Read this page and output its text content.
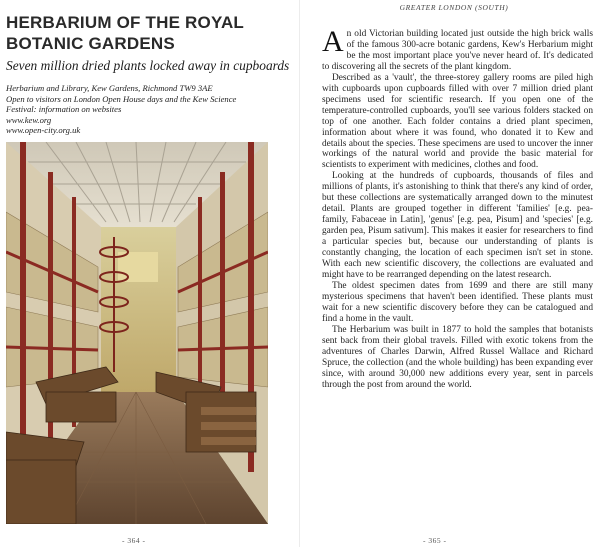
HERBARIUM OF THE ROYAL
BOTANIC GARDENS
Seven million dried plants locked away in cupboards
Herbarium and Library, Kew Gardens, Richmond TW9 3AE
Open to visitors on London Open House days and the Kew Science
Festival: information on websites
www.kew.org
www.open-city.org.uk
- 364 -
GREATER LONDON (SOUTH)

An old Victorian building located just outside the high brick walls of the famous 300-acre botanic gardens, Kew's Herbarium might be the most important place you've never heard of. It's dedicated to discovering all the secrets of the plant kingdom.

Described as a 'vault', the three-storey gallery rooms are piled high with cupboards upon cupboards filled with over 7 million dried plant specimens used for scientific research. If you open one of the temperature-controlled cupboards, you'll see various folders stacked on top of one another. Each folder contains a dried plant specimen, information about where it was found, who donated it to Kew and details about the species. These specimens are used to uncover the inner workings of the natural world and provide the basic material for scientists to experiment with medicines, clothes and food.

Looking at the hundreds of cupboards, thousands of files and millions of plants, it's astonishing to think that there's any kind of order, but these collections are systematically arranged down to the minutest detail. Plants are grouped together in different 'families' [e.g. pea-family, Fabaceae in Latin], 'genus' [e.g. pea, Pisum] and 'species' [e.g. garden pea, Pisum sativum]. This makes it easier for researchers to find a particular species but, because our understanding of plants is constantly changing, the location of each specimen isn't set in stone. With each new scientific discovery, the collections are evaluated and might have to be rearranged depending on the latest research.

The oldest specimen dates from 1699 and there are still many mysterious specimens that haven't been identified. These plants must wait for a new scientific discovery before they can be catalogued and find a home in the vault.

The Herbarium was built in 1877 to hold the samples that botanists sent back from their global travels. Filled with exotic tokens from the adventures of Charles Darwin, Alfred Russel Wallace and Richard Spruce, the collection (and the whole building) has been expanding ever since, with around 30,000 new additions every year, sent in parcels through the post from around the world.

- 365 -
